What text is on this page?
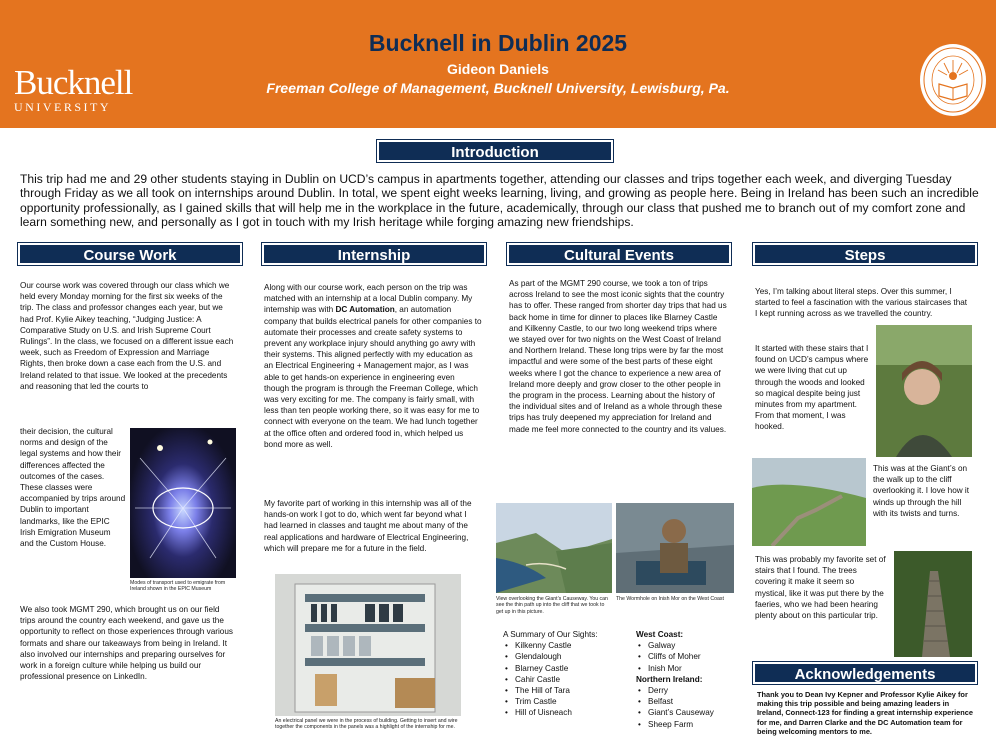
Bucknell in Dublin 2025
Gideon Daniels
Freeman College of Management, Bucknell University, Lewisburg, Pa.
Bucknell
UNIVERSITY
Introduction
This trip had me and 29 other students staying in Dublin on UCD’s campus in apartments together, attending our classes and trips together each week, and diverging Tuesday through Friday as we all took on internships around Dublin. In total, we spent eight weeks learning, living, and growing as people here. Being in Ireland has been such an incredible opportunity professionally, as I gained skills that will help me in the workplace in the future, academically, through our class that pushed me to branch out of my comfort zone and learn something new, and personally as I got in touch with my Irish heritage while forging amazing new friendships.
Course Work
Our course work was covered through our class which we held every Monday morning for the first six weeks of the trip. The class and professor changes each year, but we had Prof. Kylie Aikey teaching, “Judging Justice: A Comparative Study on U.S. and Irish Supreme Court Rulings”. In the class, we focused on a different issue each week, such as Freedom of Expression and Marriage Rights, then broke down a case each from the U.S. and Ireland related to that issue. We looked at the precedents and reasoning that led the courts to
their decision, the cultural norms and design of the legal systems and how their differences affected the outcomes of the cases. These classes were accompanied by trips around Dublin to important landmarks, like the EPIC Irish Emigration Museum and the Custom House.
Modes of transport used to emigrate from Ireland shown in the EPIC Museum
We also took MGMT 290, which brought us on our field trips around the country each weekend, and gave us the opportunity to reflect on those experiences through various formats and share our takeaways from being in Ireland. It also involved our internships and preparing ourselves for work in a foreign culture while helping us build our professional presence on LinkedIn.
Internship
Along with our course work, each person on the trip was matched with an internship at a local Dublin company. My internship was with DC Automation, an automation company that builds electrical panels for other companies to automate their processes and create safety systems to prevent any workplace injury should anything go awry with their systems. This aligned perfectly with my education as an Electrical Engineering + Management major, as I was able to get hands-on experience in engineering even though the program is through the Freeman College, which was very exciting for me. The company is fairly small, with less than ten people working there, so it was easy for me to connect with everyone on the team. We had lunch together at the office often and ordered food in, which helped us bond more as well.
My favorite part of working in this internship was all of the hands-on work I got to do, which went far beyond what I had learned in classes and taught me about many of the real applications and hardware of Electrical Engineering, which will prepare me for a future in the field.
An electrical panel we were in the process of building. Getting to insert and wire together the components in the panels was a highlight of the internship for me.
Cultural Events
As part of the MGMT 290 course, we took a ton of trips across Ireland to see the most iconic sights that the country has to offer. These ranged from shorter day trips that had us back home in time for dinner to places like Blarney Castle and Kilkenny Castle, to our two long weekend trips where we stayed over for two nights on the West Coast of Ireland and Northern Ireland. These long trips were by far the most impactful and were some of the best parts of these eight weeks where I got the chance to experience a new area of Ireland more deeply and grow closer to the other people in the program in the process. Learning about the history of the individual sites and of Ireland as a whole through these trips has truly deepened my appreciation for Ireland and made me feel more connected to the country and its values.
View overlooking the Giant’s Causeway. You can see the thin path up into the cliff that we took to get up in this picture.
The Wormhole on Inish Mor on the West Coast
A Summary of Our Sights:
• Kilkenny Castle
• Glendalough
• Blarney Castle
• Cahir Castle
• The Hill of Tara
• Trim Castle
• Hill of Uisneach
West Coast:
• Galway
• Cliffs of Moher
• Inish Mor
Northern Ireland:
• Derry
• Belfast
• Giant’s Causeway
• Sheep Farm
Steps
Yes, I’m talking about literal steps. Over this summer, I started to feel a fascination with the various staircases that I kept running across as we travelled the country.
It started with these stairs that I found on UCD’s campus where we were living that cut up through the woods and looked so magical despite being just minutes from my apartment. From that moment, I was hooked.
This was at the Giant’s on the walk up to the cliff overlooking it. I love how it winds up through the hill with its twists and turns.
This was probably my favorite set of stairs that I found. The trees covering it make it seem so mystical, like it was put there by the faeries, who we had been hearing plenty about on this particular trip.
Acknowledgements
Thank you to Dean Ivy Kepner and Professor Kylie Aikey for making this trip possible and being amazing leaders in Ireland, Connect-123 for finding a great internship experience for me, and Darren Clarke and the DC Automation team for being welcoming mentors to me.
